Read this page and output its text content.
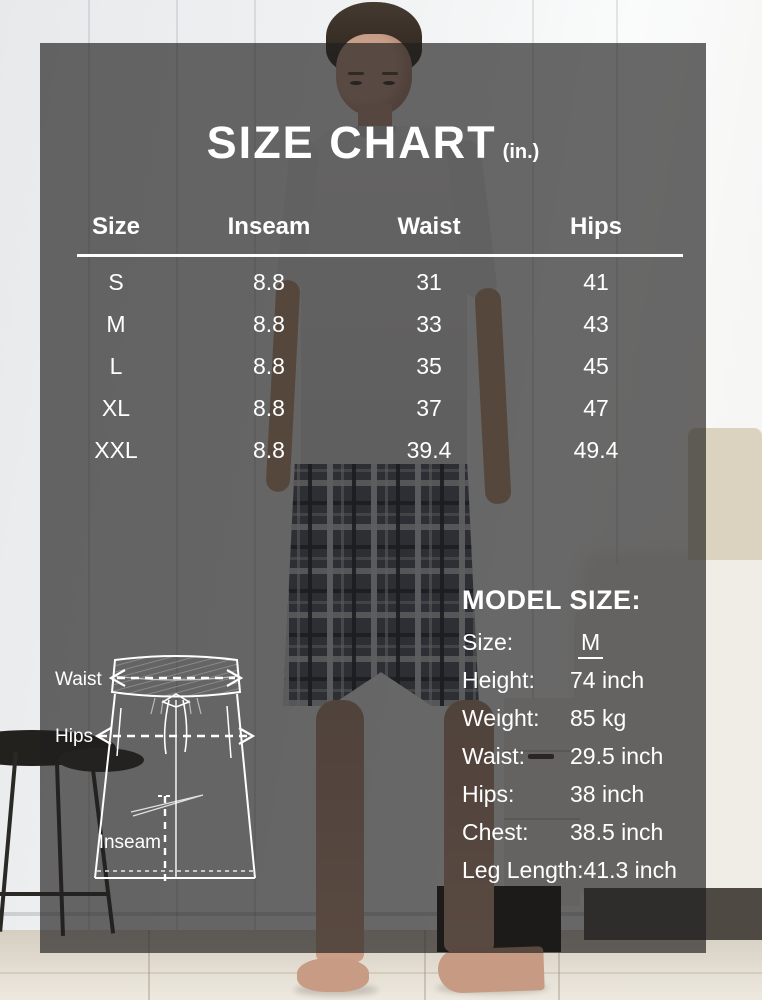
SIZE CHART (in.)
Size	Inseam	Waist	Hips
S	8.8	31	41
M	8.8	33	43
L	8.8	35	45
XL	8.8	37	47
XXL	8.8	39.4	49.4
Waist
Hips
Inseam
MODEL SIZE:
Size:	M
Height:	74 inch
Weight:	85 kg
Waist:	29.5 inch
Hips:	38 inch
Chest:	38.5 inch
Leg Length: 41.3 inch
